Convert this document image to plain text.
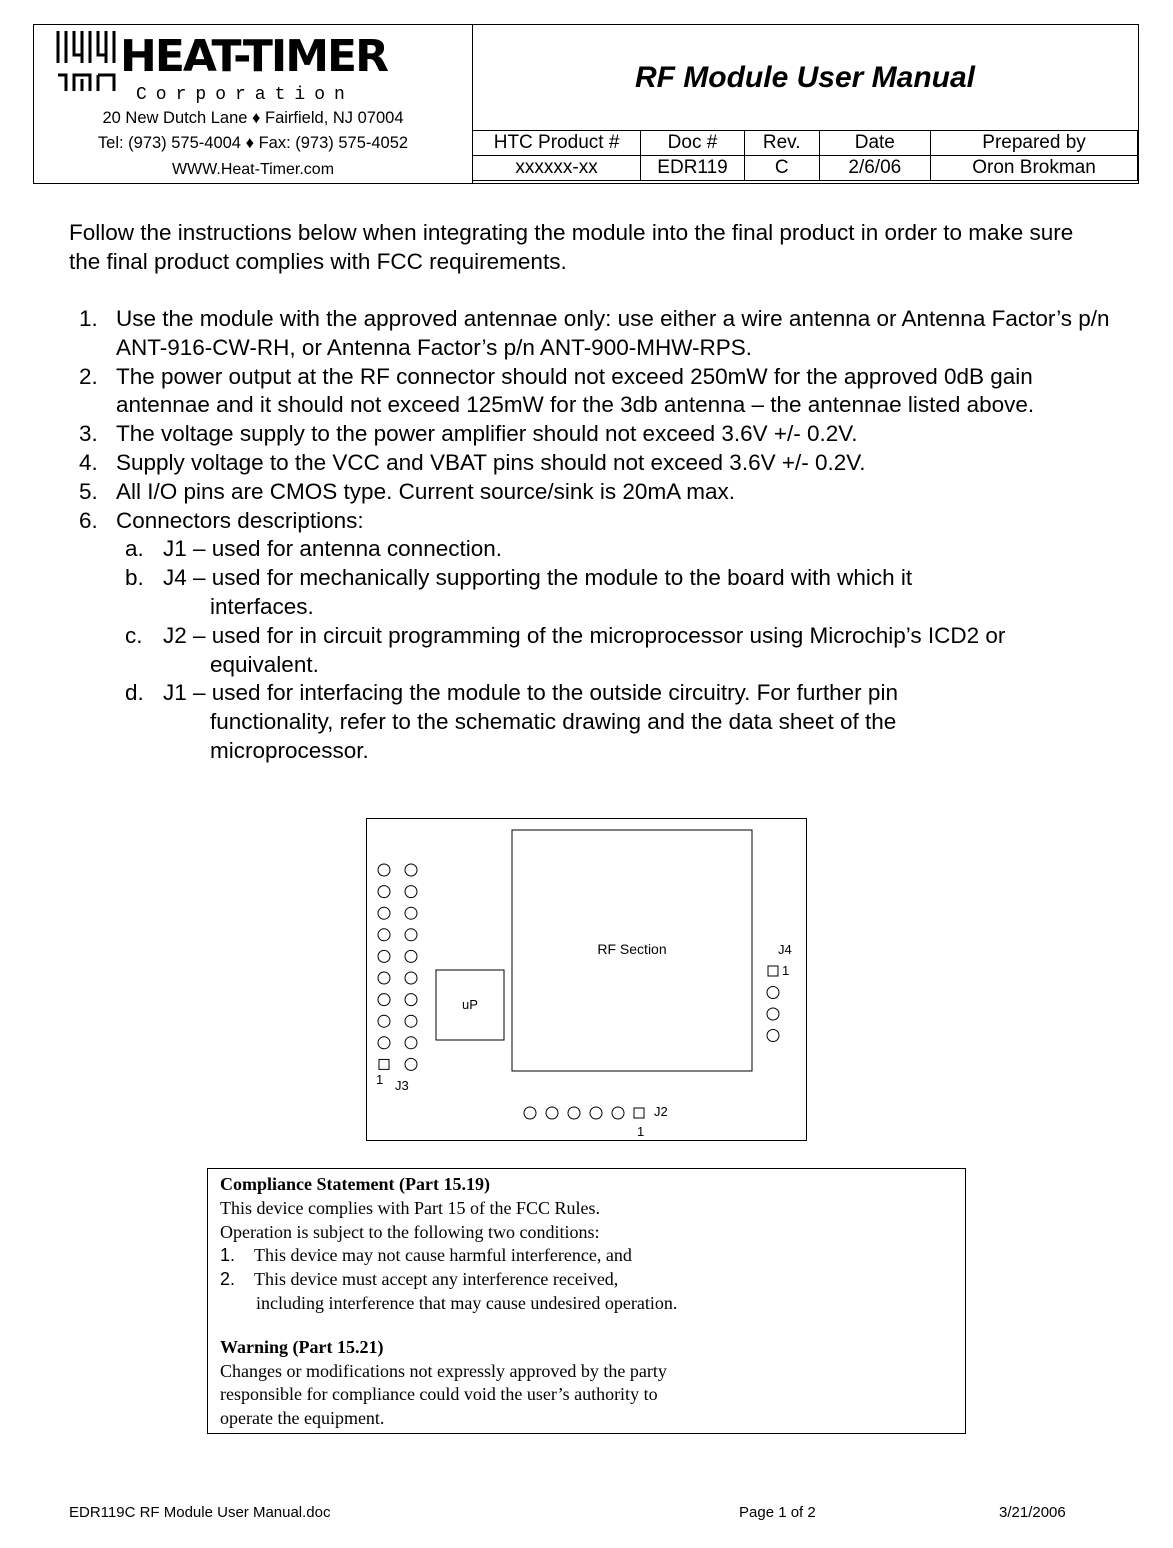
HEAT-TIMER
Corporation
20 New Dutch Lane ♦ Fairfield, NJ 07004
Tel: (973) 575-4004 ♦ Fax: (973) 575-4052
WWW.Heat-Timer.com
RF Module User Manual
HTC Product #	Doc #	Rev.	Date	Prepared by
xxxxxx-xx	EDR119	C	2/6/06	Oron Brokman
Follow the instructions below when integrating the module into the final product in order to make sure the final product complies with FCC requirements.
1. Use the module with the approved antennae only: use either a wire antenna or Antenna Factor’s p/n ANT-916-CW-RH, or Antenna Factor’s p/n ANT-900-MHW-RPS.
2. The power output at the RF connector should not exceed 250mW for the approved 0dB gain antennae and it should not exceed 125mW for the 3db antenna – the antennae listed above.
3. The voltage supply to the power amplifier should not exceed 3.6V +/- 0.2V.
4. Supply voltage to the VCC and VBAT pins should not exceed 3.6V +/- 0.2V.
5. All I/O pins are CMOS type. Current source/sink is 20mA max.
6. Connectors descriptions:
a. J1 – used for antenna connection.
b. J4 – used for mechanically supporting the module to the board with which it
interfaces.
c. J2 – used for in circuit programming of the microprocessor using Microchip’s ICD2 or
equivalent.
d. J1 – used for interfacing the module to the outside circuitry. For further pin
functionality, refer to the schematic drawing and the data sheet of the microprocessor.
RF Section
uP
1 J3
J4
1
J2
1
Compliance Statement (Part 15.19)
This device complies with Part 15 of the FCC Rules.
Operation is subject to the following two conditions:
1. This device may not cause harmful interference, and
2. This device must accept any interference received,
including interference that may cause undesired operation.
Warning (Part 15.21)
Changes or modifications not expressly approved by the party
responsible for compliance could void the user’s authority to
operate the equipment.
EDR119C RF Module User Manual.doc	Page 1 of 2	3/21/2006
